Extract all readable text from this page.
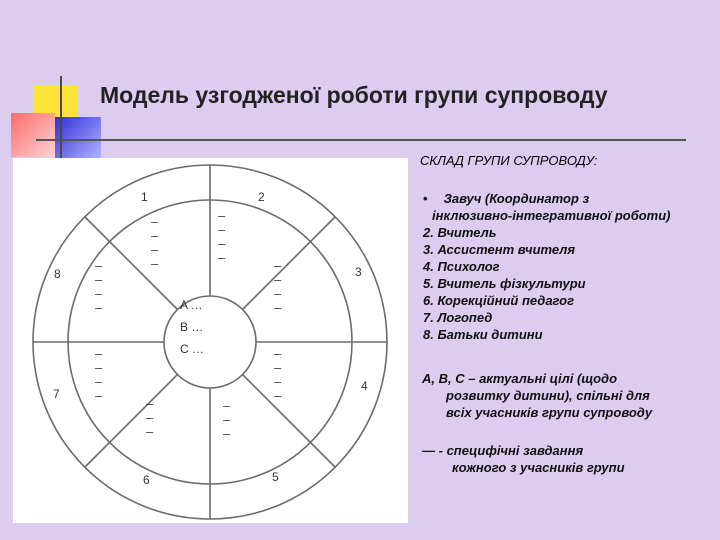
Модель узгодженої роботи групи супроводу
1	2
3
4
5
6
7
8
A …
B …
C …
–
–
–
–
–
–
–
–
–
–
–
–
–
–
–
–
–
–
–
–
–
–
–
–
–
–
–
–
–
–
СКЛАД ГРУПИ СУПРОВОДУ:
• Завуч (Координатор з
інклюзивно-інтегративної роботи)
2. Вчитель
3. Ассистент вчителя
4. Психолог
5. Вчитель фізкультури
6. Корекційний педагог
7. Логопед
8. Батьки дитини
A, B, C – актуальні цілі (щодо
розвитку дитини), спільні для
всіх учасників групи супроводу
— - специфічні завдання
кожного з учасників групи
